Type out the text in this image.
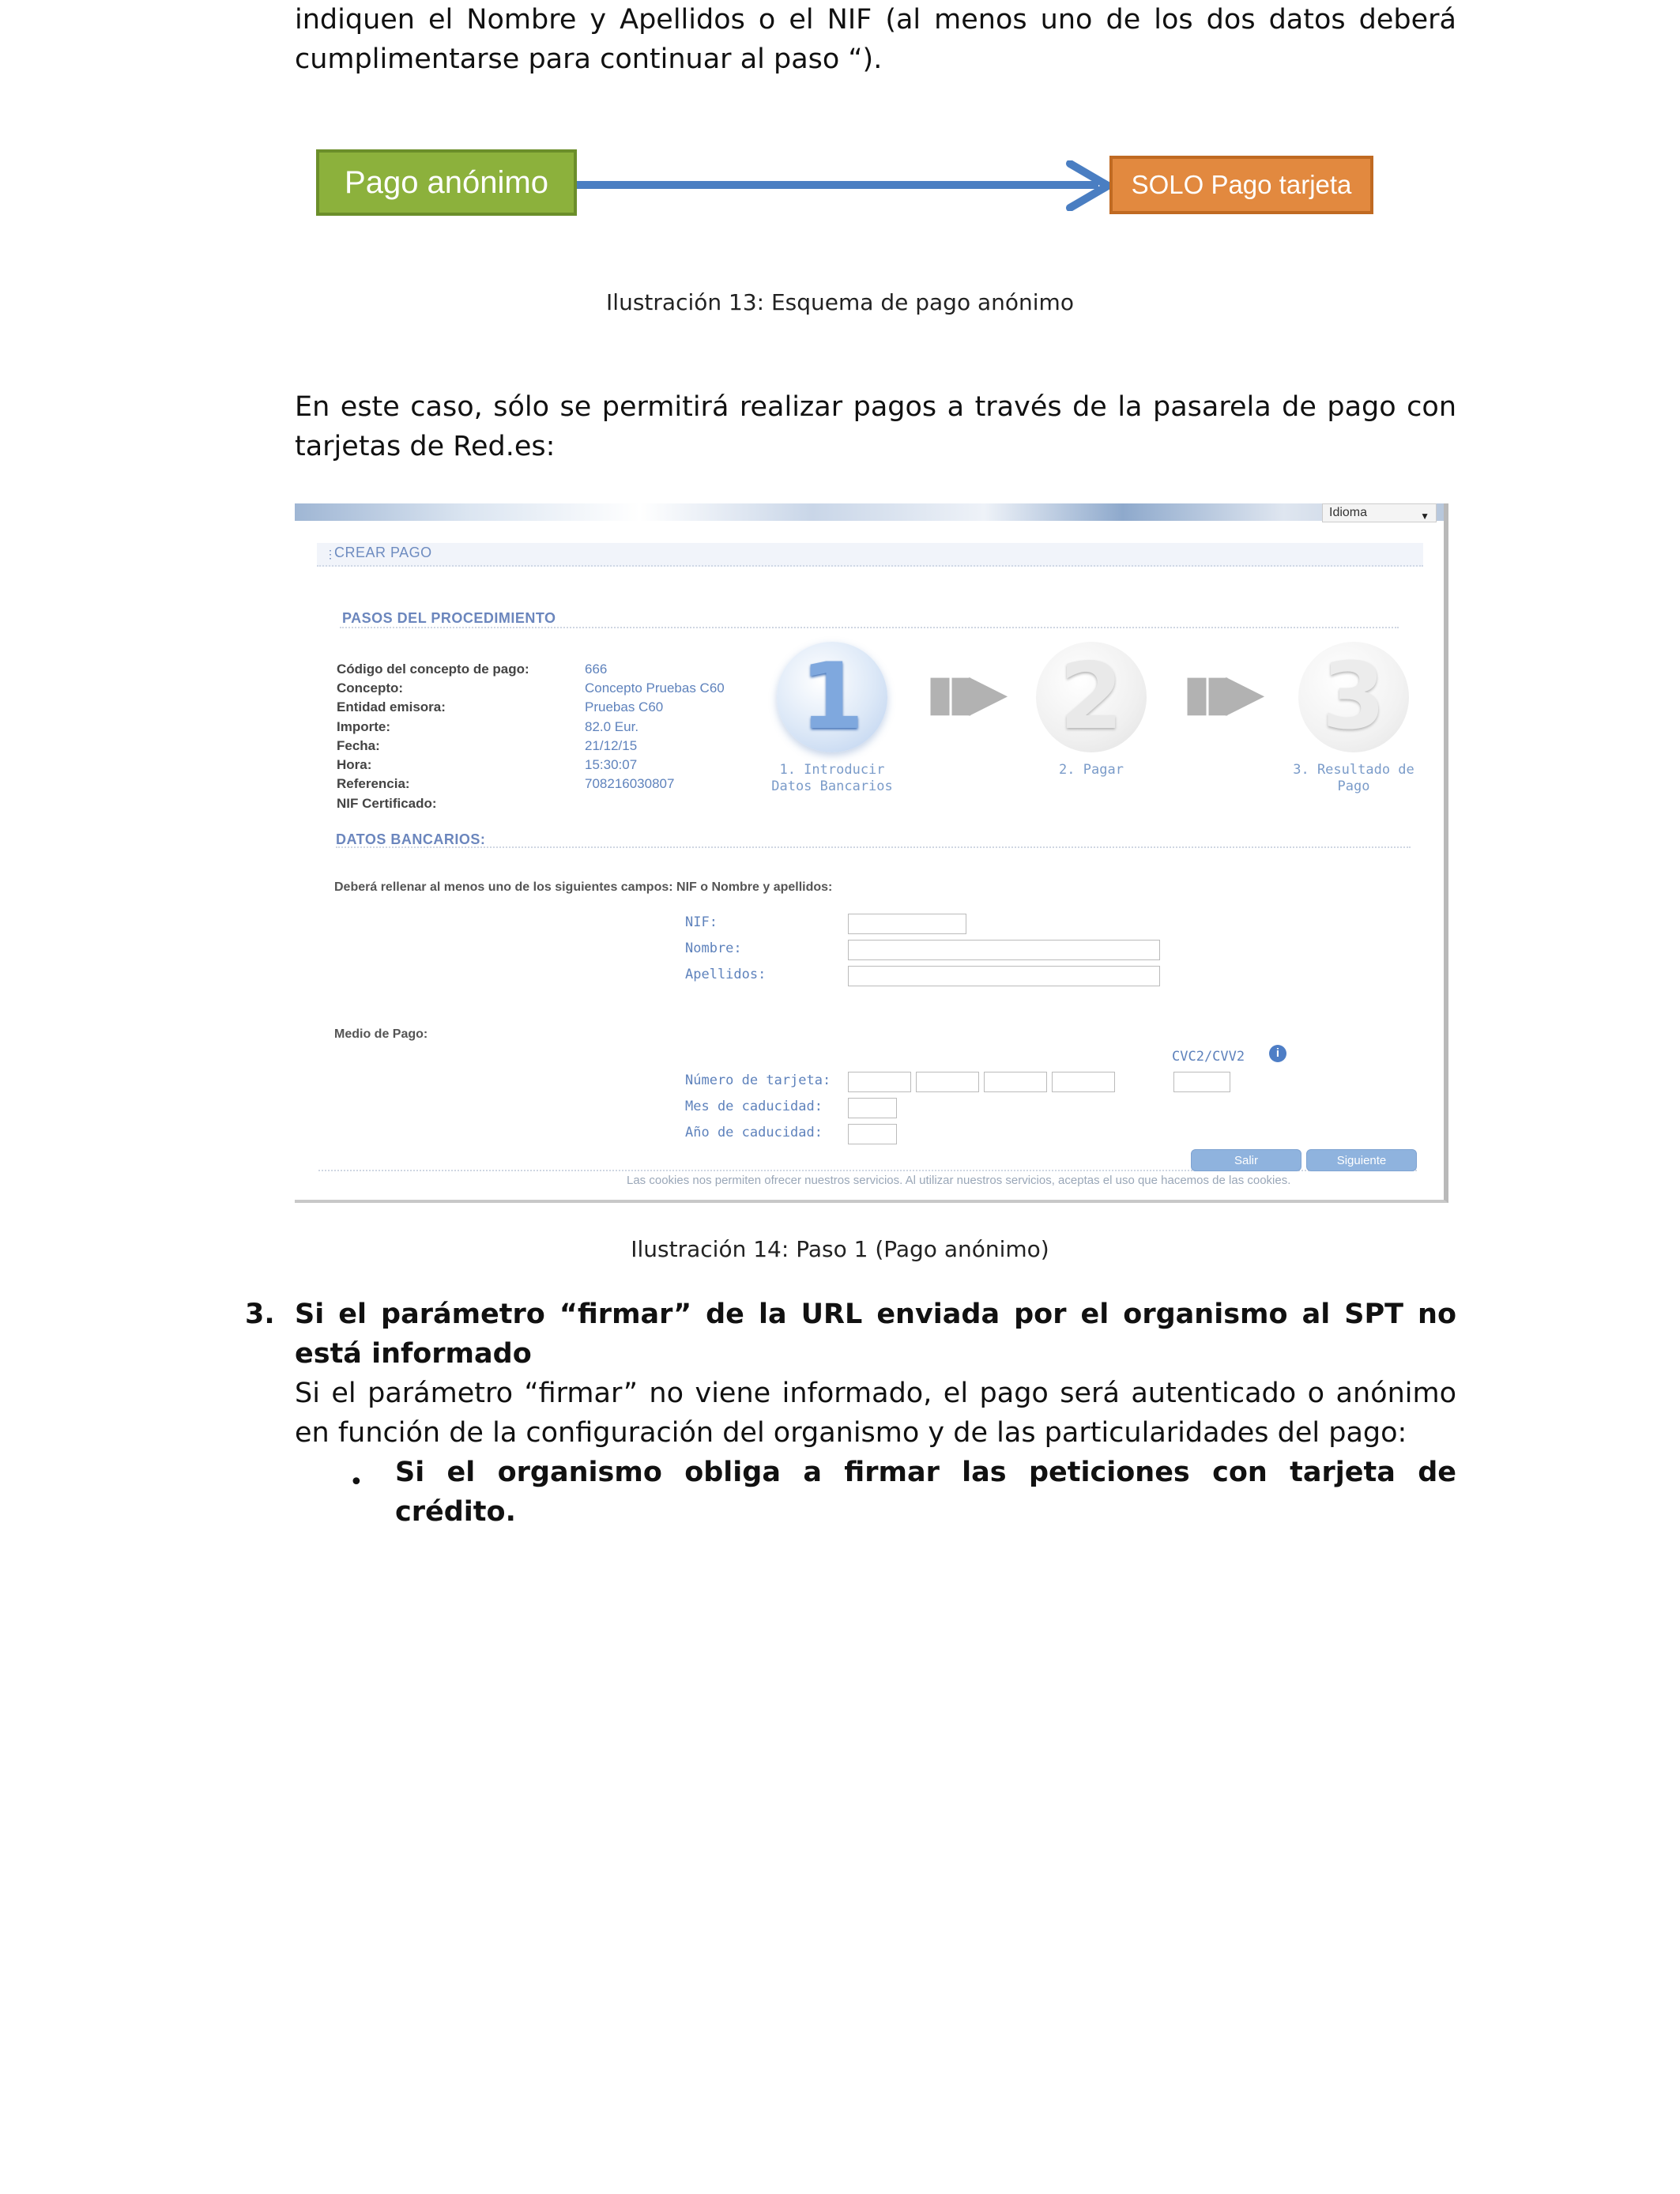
indiquen el Nombre y Apellidos o el NIF (al menos uno de los dos datos deberá cumplimentarse para continuar al paso “).

Pago anónimo	SOLO Pago tarjeta
Ilustración 13: Esquema de pago anónimo

En este caso, sólo se permitirá realizar pagos a través de la pasarela de pago con tarjetas de Red.es:

Idioma	▼
⋮
CREAR PAGO
PASOS DEL PROCEDIMIENTO
Código del concepto de pago:	666
Concepto:	Concepto Pruebas C60
Entidad emisora:	Pruebas C60
Importe:	82.0 Eur.
Fecha:	21/12/15
Hora:	15:30:07
Referencia:	708216030807
NIF Certificado:
1
1. Introducir
Datos Bancarios
▮▮▶ 2
2. Pagar
▮▮▶ 3
3. Resultado de
Pago
DATOS BANCARIOS:
Deberá rellenar al menos uno de los siguientes campos: NIF o Nombre y apellidos:
NIF:
Nombre:
Apellidos:
Medio de Pago:
CVC2/CVV2	i
Número de tarjeta:
Mes de caducidad:
Año de caducidad:
Salir	Siguiente
Las cookies nos permiten ofrecer nuestros servicios. Al utilizar nuestros servicios, aceptas el uso que hacemos de las cookies.
Ilustración 14: Paso 1 (Pago anónimo)
3. Si el parámetro “firmar” de la URL enviada por el organismo al SPT no está informado

Si el parámetro “firmar” no viene informado, el pago será autenticado o anónimo en función de la configuración del organismo y de las particularidades del pago:

• Si el organismo obliga a firmar las peticiones con tarjeta de crédito.
